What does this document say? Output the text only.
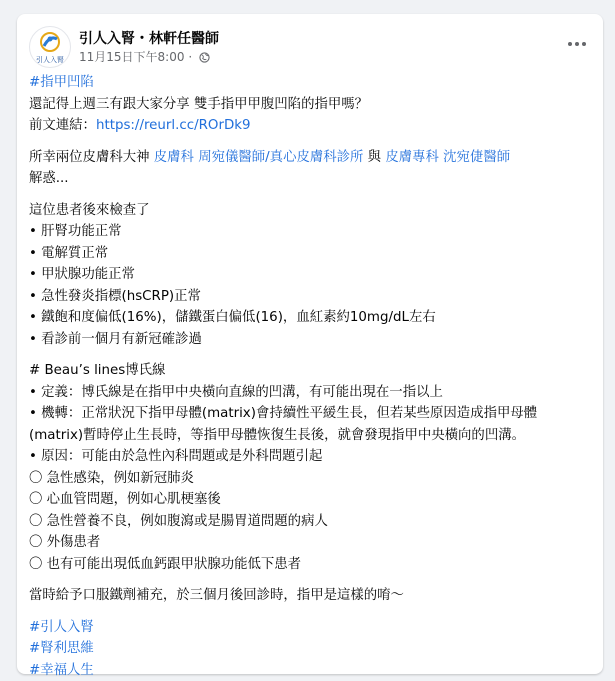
引人入腎
引人入腎・林軒任醫師
11月15日下午8:00 ·

#指甲凹陷

還記得上週三有跟大家分享 雙手指甲甲腹凹陷的指甲嗎？

前文連結：https://reurl.cc/ROrDk9

所幸兩位皮膚科大神 皮膚科 周宛儀醫師/真心皮膚科診所 與 皮膚專科 沈宛倢醫師

解惑...

這位患者後來檢查了

• 肝腎功能正常

• 電解質正常

• 甲狀腺功能正常

• 急性發炎指標(hsCRP)正常

• 鐵飽和度偏低(16%)，儲鐵蛋白偏低(16)，血紅素約10mg/dL左右

• 看診前一個月有新冠確診過

# Beau’s lines博氏線

• 定義：博氏線是在指甲中央橫向直線的凹溝，有可能出現在一指以上

• 機轉：正常狀況下指甲母體(matrix)會持續性平緩生長，但若某些原因造成指甲母體(matrix)暫時停止生長時，等指甲母體恢復生長後，就會發現指甲中央橫向的凹溝。

• 原因：可能由於急性內科問題或是外科問題引起

〇 急性感染，例如新冠肺炎

〇 心血管問題，例如心肌梗塞後

〇 急性營養不良，例如腹瀉或是腸胃道問題的病人

〇 外傷患者

〇 也有可能出現低血鈣跟甲狀腺功能低下患者

當時給予口服鐵劑補充，於三個月後回診時，指甲是這樣的唷～

#引人入腎

#腎利思維

#幸福人生
